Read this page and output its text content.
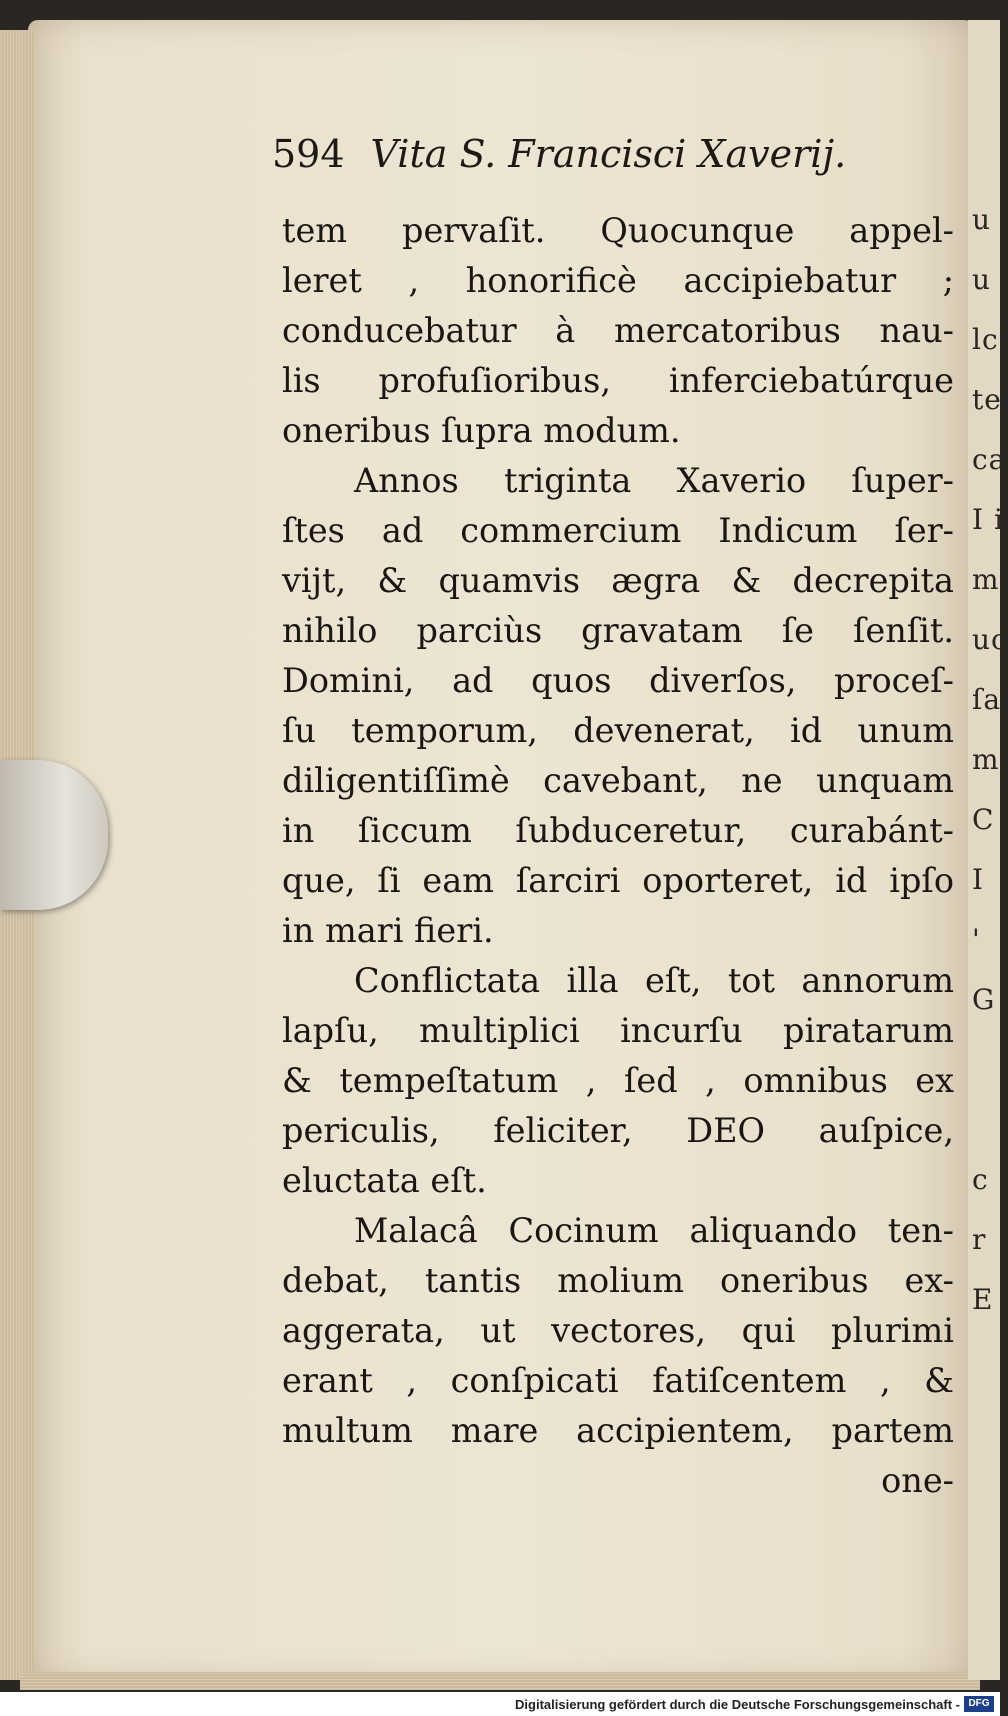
u
u
lc
te
ca
I i
m
uc
ſa
m
C
I
'
G

c
r
E
594 Vita S. Francisci Xaverij.
tem pervaſit. Quocunque appel-
leret , honorificè accipiebatur ;
conducebatur à mercatoribus nau-
lis profuſioribus, inferciebatúrque
oneribus ſupra modum.
Annos triginta Xaverio ſuper-
ſtes ad commercium Indicum ſer-
vijt, & quamvis ægra & decrepita
nihilo parciùs gravatam ſe ſenſit.
Domini, ad quos diverſos, proceſ-
ſu temporum, devenerat, id unum
diligentiſſimè cavebant, ne unquam
in ſiccum ſubduceretur, curabánt-
que, ſi eam ſarciri oporteret, id ipſo
in mari fieri.
Conflictata illa eſt, tot annorum
lapſu, multiplici incurſu piratarum
& tempeſtatum , ſed , omnibus ex
periculis, feliciter, DEO auſpice,
eluctata eſt.
Malacâ Cocinum aliquando ten-
debat, tantis molium oneribus ex-
aggerata, ut vectores, qui plurimi
erant , conſpicati fatiſcentem , &
multum mare accipientem, partem
one-
Digitalisierung gefördert durch die Deutsche Forschungsgemeinschaft - DFG
